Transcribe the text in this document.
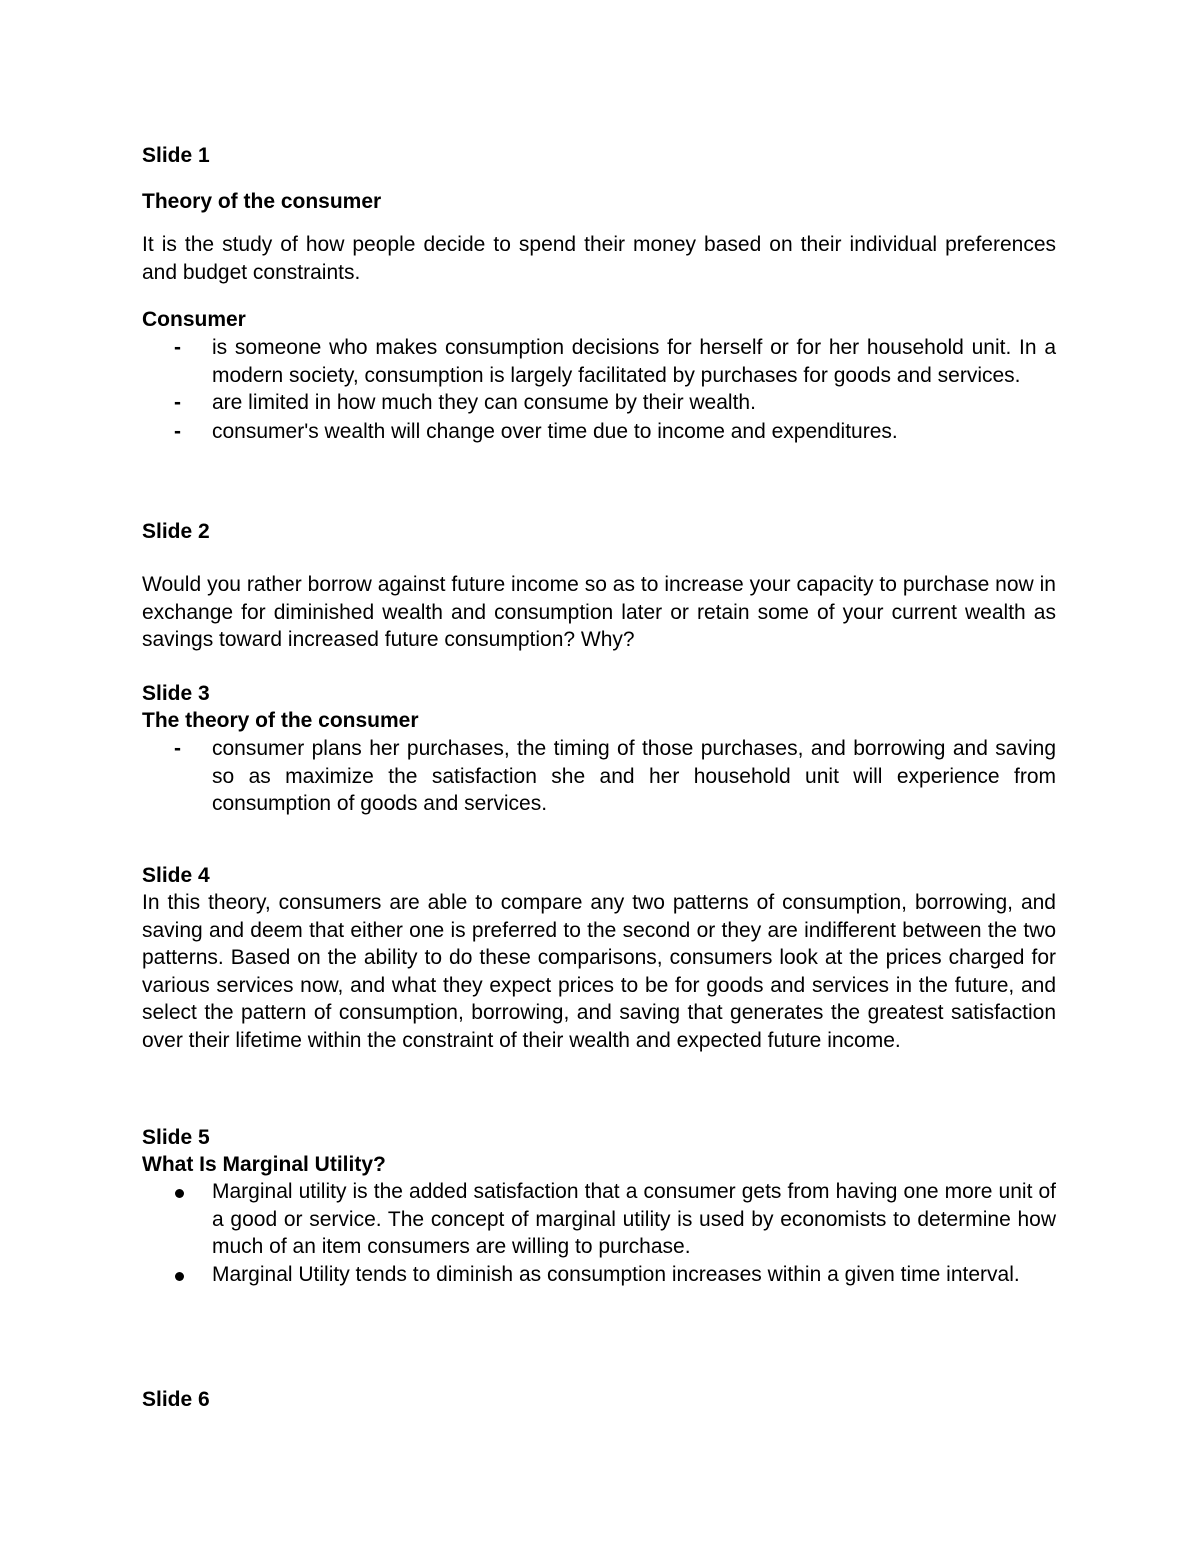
Slide 1

Theory of the consumer

It is the study of how people decide to spend their money based on their individual preferences and budget constraints.

Consumer

- is someone who makes consumption decisions for herself or for her household unit. In a modern society, consumption is largely facilitated by purchases for goods and services.
- are limited in how much they can consume by their wealth.
- consumer's wealth will change over time due to income and expenditures.

Slide 2

Would you rather borrow against future income so as to increase your capacity to purchase now in exchange for diminished wealth and consumption later or retain some of your current wealth as savings toward increased future consumption? Why?

Slide 3

The theory of the consumer

- consumer plans her purchases, the timing of those purchases, and borrowing and saving so as maximize the satisfaction she and her household unit will experience from consumption of goods and services.

Slide 4

In this theory, consumers are able to compare any two patterns of consumption, borrowing, and saving and deem that either one is preferred to the second or they are indifferent between the two patterns. Based on the ability to do these comparisons, consumers look at the prices charged for various services now, and what they expect prices to be for goods and services in the future, and select the pattern of consumption, borrowing, and saving that generates the greatest satisfaction over their lifetime within the constraint of their wealth and expected future income.

Slide 5

What Is Marginal Utility?

Marginal utility is the added satisfaction that a consumer gets from having one more unit of a good or service. The concept of marginal utility is used by economists to determine how much of an item consumers are willing to purchase.
Marginal Utility tends to diminish as consumption increases within a given time interval.

Slide 6
